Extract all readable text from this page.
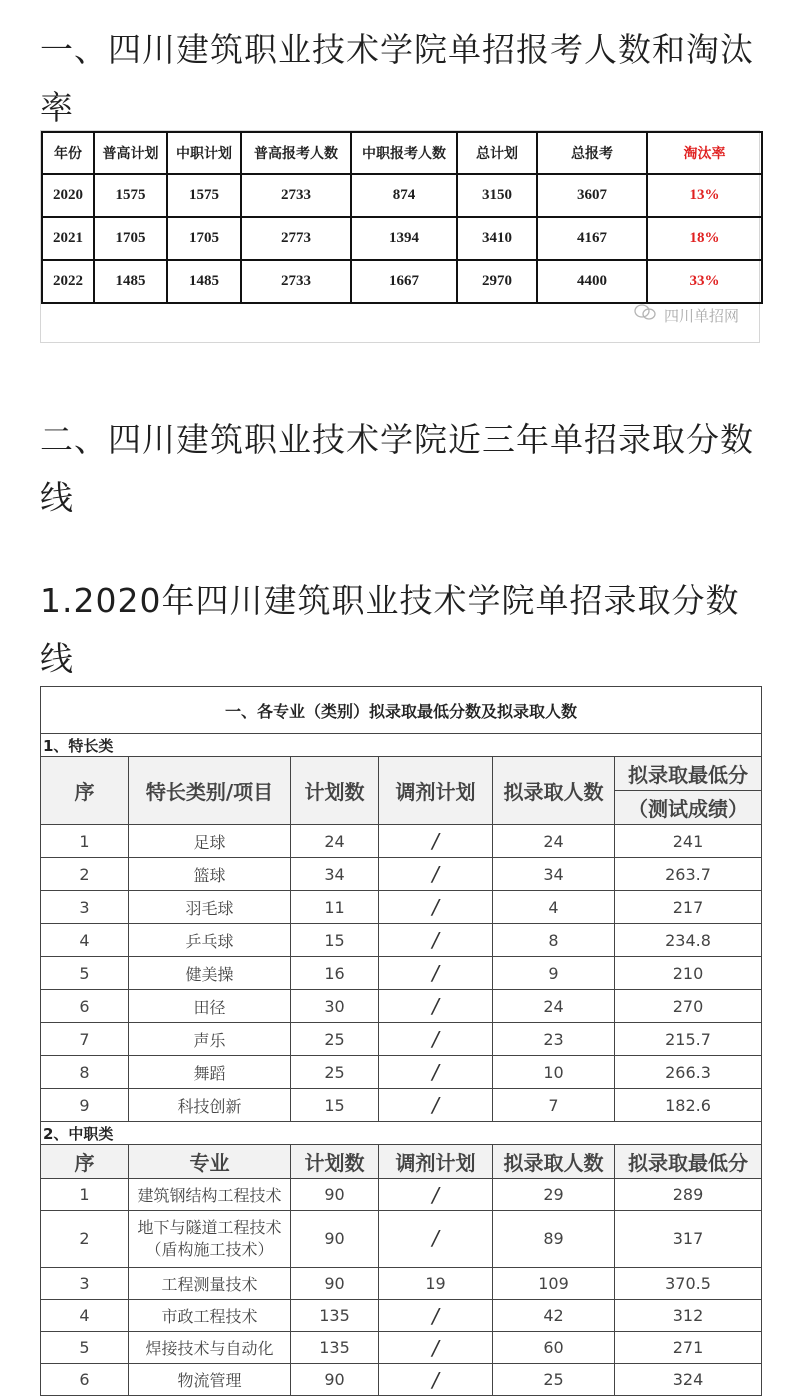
一、四川建筑职业技术学院单招报考人数和淘汰率
年份	普高计划	中职计划	普高报考人数	中职报考人数	总计划	总报考	淘汰率
2020	1575	1575	2733	874	3150	3607	13%
2021	1705	1705	2773	1394	3410	4167	18%
2022	1485	1485	2733	1667	2970	4400	33%
四川单招网
二、四川建筑职业技术学院近三年单招录取分数线
1.2020年四川建筑职业技术学院单招录取分数线
一、各专业（类别）拟录取最低分数及拟录取人数					
1、特长类					
序	特长类别/项目	计划数	调剂计划	拟录取人数	拟录取最低分
					（测试成绩）
1	足球	24	/	24	241
2	篮球	34	/	34	263.7
3	羽毛球	11	/	4	217
4	乒乓球	15	/	8	234.8
5	健美操	16	/	9	210
6	田径	30	/	24	270
7	声乐	25	/	23	215.7
8	舞蹈	25	/	10	266.3
9	科技创新	15	/	7	182.6
2、中职类					
序	专业	计划数	调剂计划	拟录取人数	拟录取最低分
1	建筑钢结构工程技术	90	/	29	289
2	地下与隧道工程技术
（盾构施工技术）	90	/	89	317
3	工程测量技术	90	19	109	370.5
4	市政工程技术	135	/	42	312
5	焊接技术与自动化	135	/	60	271
6	物流管理	90	/	25	324
